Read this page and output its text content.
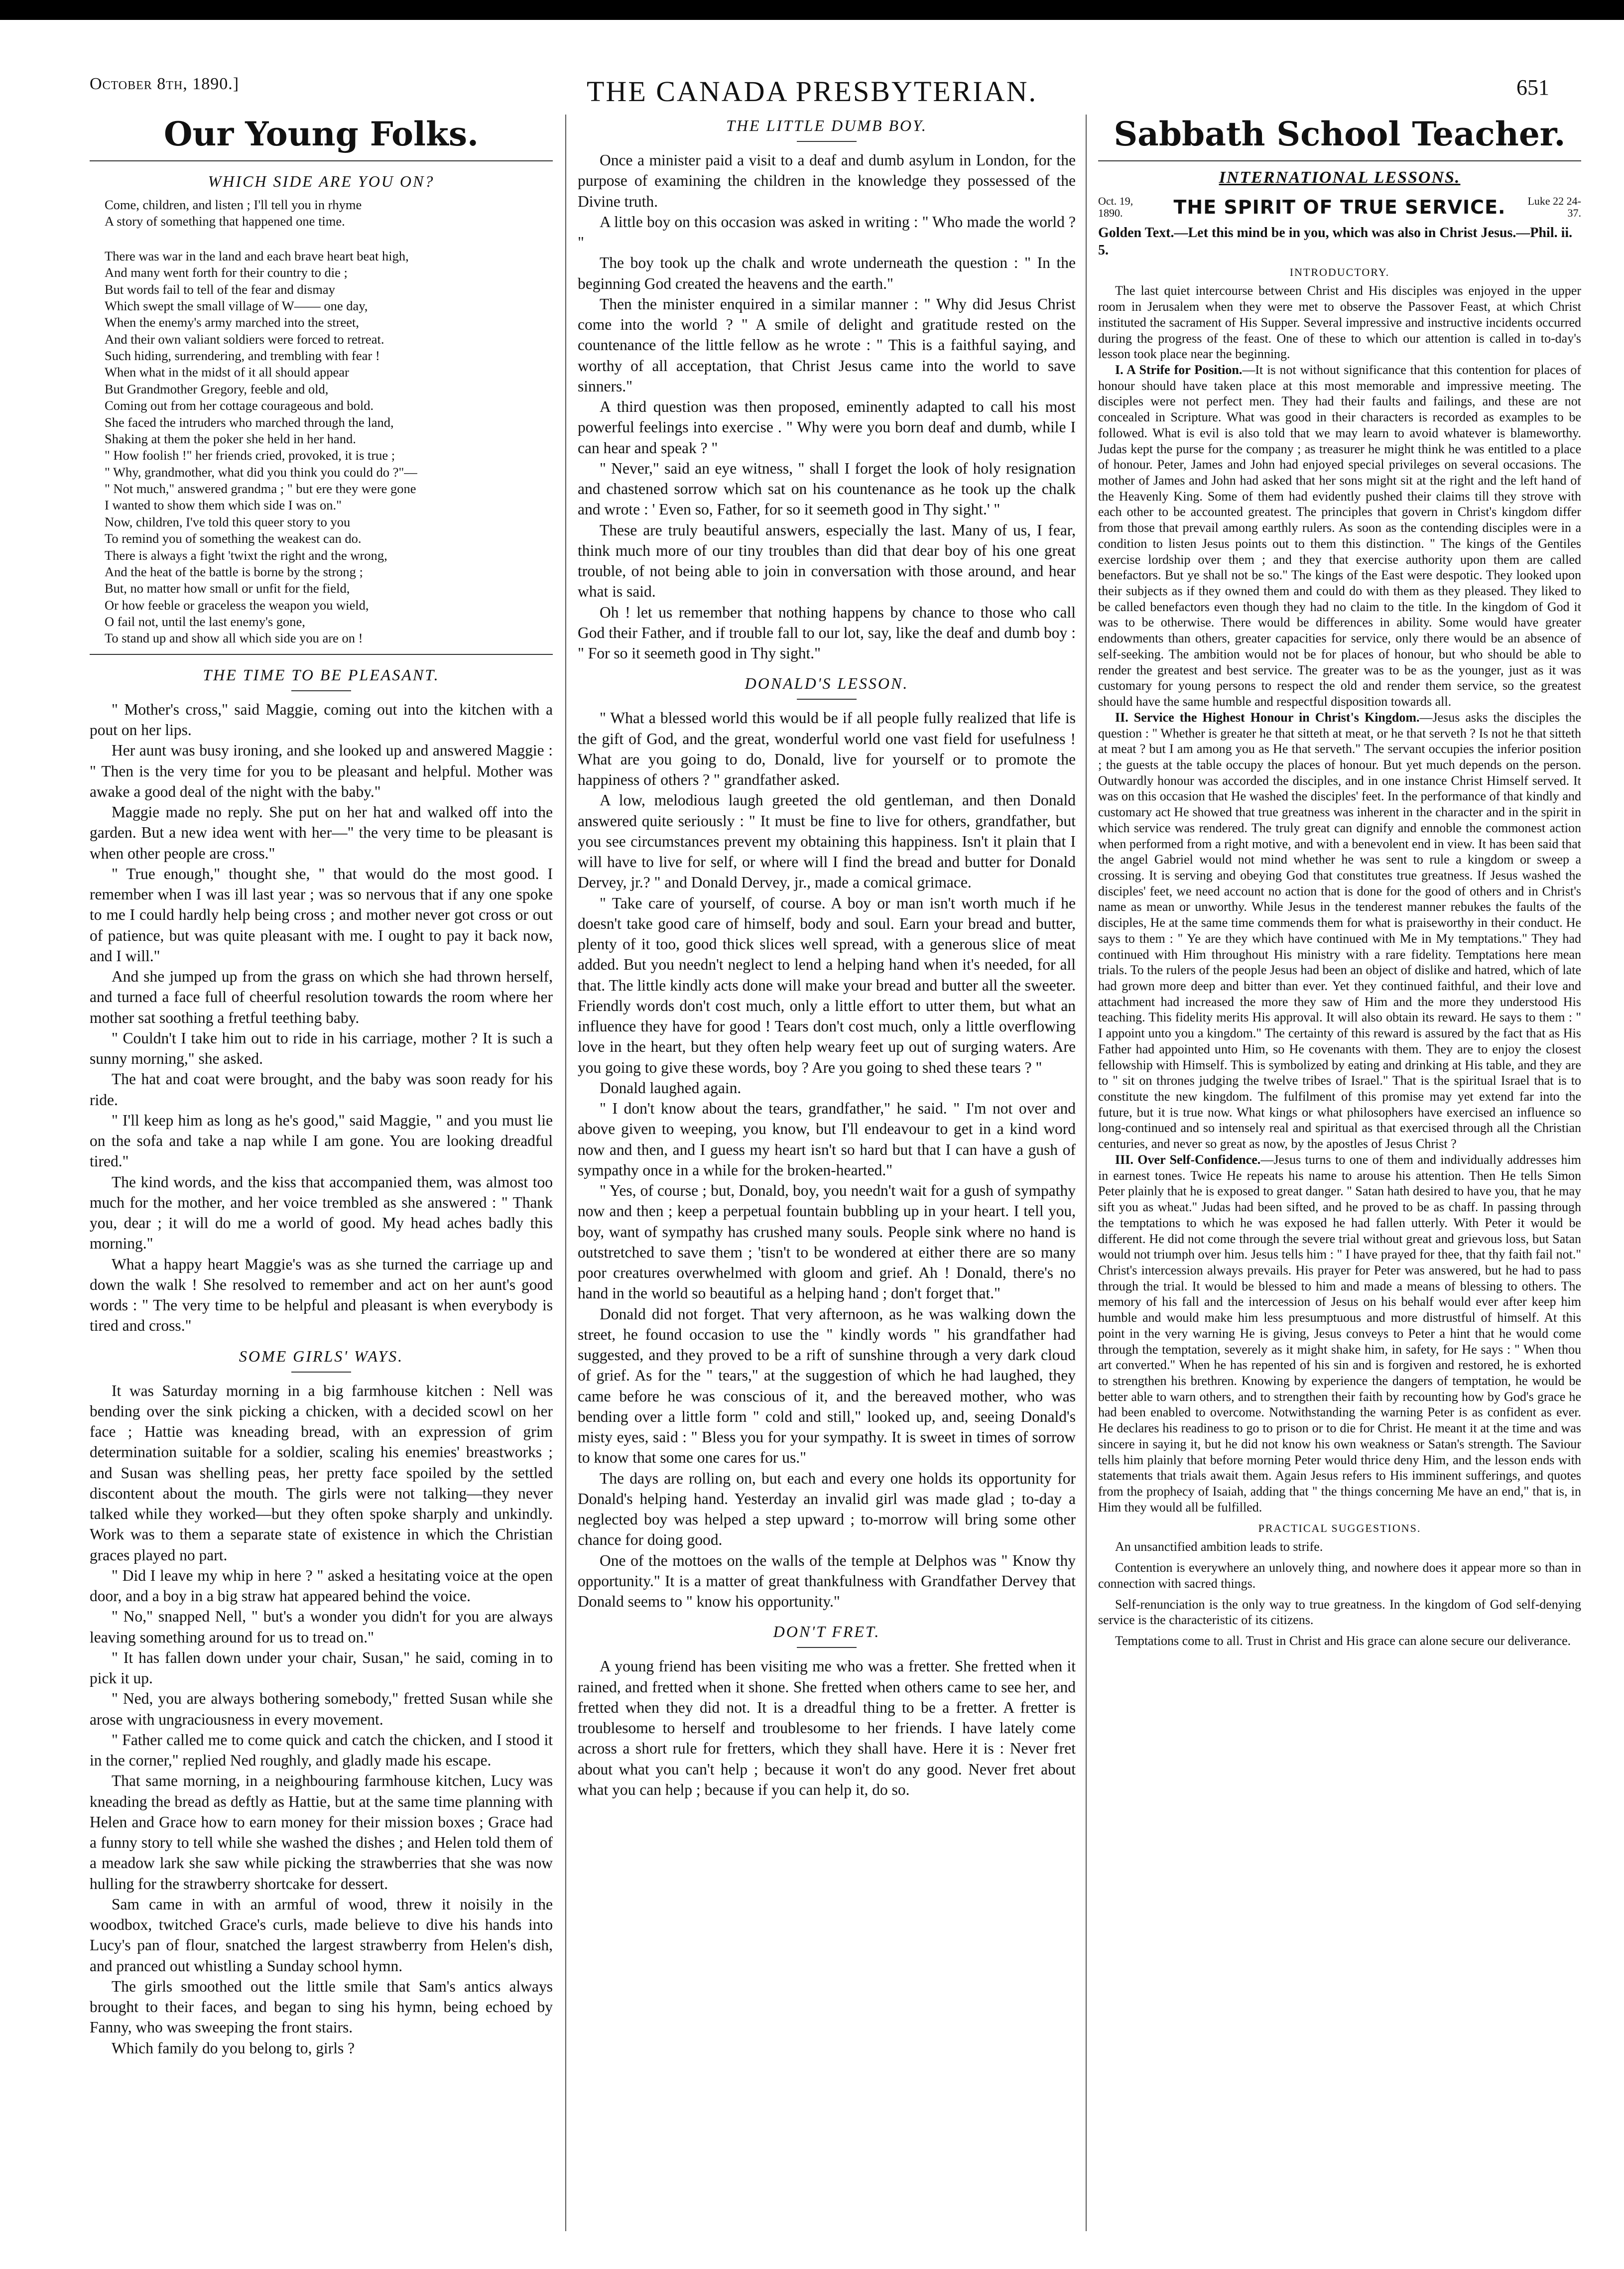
October 8th, 1890.]	THE CANADA PRESBYTERIAN.	651
Our Young Folks.
WHICH SIDE ARE YOU ON?
Come, children, and listen ; I'll tell you in rhyme
A story of something that happened one time.
There was war in the land and each brave heart beat high,
And many went forth for their country to die ;
But words fail to tell of the fear and dismay
Which swept the small village of W—— one day,
When the enemy's army marched into the street,
And their own valiant soldiers were forced to retreat.
Such hiding, surrendering, and trembling with fear !
When what in the midst of it all should appear
But Grandmother Gregory, feeble and old,
Coming out from her cottage courageous and bold.
She faced the intruders who marched through the land,
Shaking at them the poker she held in her hand.
" How foolish !" her friends cried, provoked, it is true ;
" Why, grandmother, what did you think you could do ?"—
" Not much," answered grandma ; " but ere they were gone
I wanted to show them which side I was on."
Now, children, I've told this queer story to you
To remind you of something the weakest can do.
There is always a fight 'twixt the right and the wrong,
And the heat of the battle is borne by the strong ;
But, no matter how small or unfit for the field,
Or how feeble or graceless the weapon you wield,
O fail not, until the last enemy's gone,
To stand up and show all which side you are on !
THE TIME TO BE PLEASANT.

" Mother's cross," said Maggie, coming out into the kitchen with a pout on her lips.

Her aunt was busy ironing, and she looked up and answered Maggie : " Then is the very time for you to be pleasant and helpful. Mother was awake a good deal of the night with the baby."

Maggie made no reply. She put on her hat and walked off into the garden. But a new idea went with her—" the very time to be pleasant is when other people are cross."

" True enough," thought she, " that would do the most good. I remember when I was ill last year ; was so nervous that if any one spoke to me I could hardly help being cross ; and mother never got cross or out of patience, but was quite pleasant with me. I ought to pay it back now, and I will."

And she jumped up from the grass on which she had thrown herself, and turned a face full of cheerful resolution towards the room where her mother sat soothing a fretful teething baby.

" Couldn't I take him out to ride in his carriage, mother ? It is such a sunny morning," she asked.

The hat and coat were brought, and the baby was soon ready for his ride.

" I'll keep him as long as he's good," said Maggie, " and you must lie on the sofa and take a nap while I am gone. You are looking dreadful tired."

The kind words, and the kiss that accompanied them, was almost too much for the mother, and her voice trembled as she answered : " Thank you, dear ; it will do me a world of good. My head aches badly this morning."

What a happy heart Maggie's was as she turned the carriage up and down the walk ! She resolved to remember and act on her aunt's good words : " The very time to be helpful and pleasant is when everybody is tired and cross."

SOME GIRLS' WAYS.

It was Saturday morning in a big farmhouse kitchen : Nell was bending over the sink picking a chicken, with a decided scowl on her face ; Hattie was kneading bread, with an expression of grim determination suitable for a soldier, scaling his enemies' breastworks ; and Susan was shelling peas, her pretty face spoiled by the settled discontent about the mouth. The girls were not talking—they never talked while they worked—but they often spoke sharply and unkindly. Work was to them a separate state of existence in which the Christian graces played no part.

" Did I leave my whip in here ? " asked a hesitating voice at the open door, and a boy in a big straw hat appeared behind the voice.

" No," snapped Nell, " but's a wonder you didn't for you are always leaving something around for us to tread on."

" It has fallen down under your chair, Susan," he said, coming in to pick it up.

" Ned, you are always bothering somebody," fretted Susan while she arose with ungraciousness in every movement.

" Father called me to come quick and catch the chicken, and I stood it in the corner," replied Ned roughly, and gladly made his escape.

That same morning, in a neighbouring farmhouse kitchen, Lucy was kneading the bread as deftly as Hattie, but at the same time planning with Helen and Grace how to earn money for their mission boxes ; Grace had a funny story to tell while she washed the dishes ; and Helen told them of a meadow lark she saw while picking the strawberries that she was now hulling for the strawberry shortcake for dessert.

Sam came in with an armful of wood, threw it noisily in the woodbox, twitched Grace's curls, made believe to dive his hands into Lucy's pan of flour, snatched the largest strawberry from Helen's dish, and pranced out whistling a Sunday school hymn.

The girls smoothed out the little smile that Sam's antics always brought to their faces, and began to sing his hymn, being echoed by Fanny, who was sweeping the front stairs.

Which family do you belong to, girls ?

THE LITTLE DUMB BOY.

Once a minister paid a visit to a deaf and dumb asylum in London, for the purpose of examining the children in the knowledge they possessed of the Divine truth.

A little boy on this occasion was asked in writing : " Who made the world ? "

The boy took up the chalk and wrote underneath the question : " In the beginning God created the heavens and the earth."

Then the minister enquired in a similar manner : " Why did Jesus Christ come into the world ? " A smile of delight and gratitude rested on the countenance of the little fellow as he wrote : " This is a faithful saying, and worthy of all acceptation, that Christ Jesus came into the world to save sinners."

A third question was then proposed, eminently adapted to call his most powerful feelings into exercise . " Why were you born deaf and dumb, while I can hear and speak ? "

" Never," said an eye witness, " shall I forget the look of holy resignation and chastened sorrow which sat on his countenance as he took up the chalk and wrote : ' Even so, Father, for so it seemeth good in Thy sight.' "

These are truly beautiful answers, especially the last. Many of us, I fear, think much more of our tiny troubles than did that dear boy of his one great trouble, of not being able to join in conversation with those around, and hear what is said.

Oh ! let us remember that nothing happens by chance to those who call God their Father, and if trouble fall to our lot, say, like the deaf and dumb boy : " For so it seemeth good in Thy sight."

DONALD'S LESSON.

" What a blessed world this would be if all people fully realized that life is the gift of God, and the great, wonderful world one vast field for usefulness ! What are you going to do, Donald, live for yourself or to promote the happiness of others ? " grandfather asked.

A low, melodious laugh greeted the old gentleman, and then Donald answered quite seriously : " It must be fine to live for others, grandfather, but you see circumstances prevent my obtaining this happiness. Isn't it plain that I will have to live for self, or where will I find the bread and butter for Donald Dervey, jr.? " and Donald Dervey, jr., made a comical grimace.

" Take care of yourself, of course. A boy or man isn't worth much if he doesn't take good care of himself, body and soul. Earn your bread and butter, plenty of it too, good thick slices well spread, with a generous slice of meat added. But you needn't neglect to lend a helping hand when it's needed, for all that. The little kindly acts done will make your bread and butter all the sweeter. Friendly words don't cost much, only a little effort to utter them, but what an influence they have for good ! Tears don't cost much, only a little overflowing love in the heart, but they often help weary feet up out of surging waters. Are you going to give these words, boy ? Are you going to shed these tears ? "

Donald laughed again.

" I don't know about the tears, grandfather," he said. " I'm not over and above given to weeping, you know, but I'll endeavour to get in a kind word now and then, and I guess my heart isn't so hard but that I can have a gush of sympathy once in a while for the broken-hearted."

" Yes, of course ; but, Donald, boy, you needn't wait for a gush of sympathy now and then ; keep a perpetual fountain bubbling up in your heart. I tell you, boy, want of sympathy has crushed many souls. People sink where no hand is outstretched to save them ; 'tisn't to be wondered at either there are so many poor creatures overwhelmed with gloom and grief. Ah ! Donald, there's no hand in the world so beautiful as a helping hand ; don't forget that."

Donald did not forget. That very afternoon, as he was walking down the street, he found occasion to use the " kindly words " his grandfather had suggested, and they proved to be a rift of sunshine through a very dark cloud of grief. As for the " tears," at the suggestion of which he had laughed, they came before he was conscious of it, and the bereaved mother, who was bending over a little form " cold and still," looked up, and, seeing Donald's misty eyes, said : " Bless you for your sympathy. It is sweet in times of sorrow to know that some one cares for us."

The days are rolling on, but each and every one holds its opportunity for Donald's helping hand. Yesterday an invalid girl was made glad ; to-day a neglected boy was helped a step upward ; to-morrow will bring some other chance for doing good.

One of the mottoes on the walls of the temple at Delphos was " Know thy opportunity." It is a matter of great thankfulness with Grandfather Dervey that Donald seems to " know his opportunity."

DON'T FRET.

A young friend has been visiting me who was a fretter. She fretted when it rained, and fretted when it shone. She fretted when others came to see her, and fretted when they did not. It is a dreadful thing to be a fretter. A fretter is troublesome to herself and troublesome to her friends. I have lately come across a short rule for fretters, which they shall have. Here it is : Never fret about what you can't help ; because it won't do any good. Never fret about what you can help ; because if you can help it, do so.

Sabbath School Teacher.
INTERNATIONAL LESSONS.
Oct. 19, 1890.	THE SPIRIT OF TRUE SERVICE.	Luke 22 24-37.
Golden Text.—Let this mind be in you, which was also in Christ Jesus.—Phil. ii. 5.
INTRODUCTORY.

The last quiet intercourse between Christ and His disciples was enjoyed in the upper room in Jerusalem when they were met to observe the Passover Feast, at which Christ instituted the sacrament of His Supper. Several impressive and instructive incidents occurred during the progress of the feast. One of these to which our attention is called in to-day's lesson took place near the beginning.

I. A Strife for Position.—It is not without significance that this contention for places of honour should have taken place at this most memorable and impressive meeting. The disciples were not perfect men. They had their faults and failings, and these are not concealed in Scripture. What was good in their characters is recorded as examples to be followed. What is evil is also told that we may learn to avoid whatever is blameworthy. Judas kept the purse for the company ; as treasurer he might think he was entitled to a place of honour. Peter, James and John had enjoyed special privileges on several occasions. The mother of James and John had asked that her sons might sit at the right and the left hand of the Heavenly King. Some of them had evidently pushed their claims till they strove with each other to be accounted greatest. The principles that govern in Christ's kingdom differ from those that prevail among earthly rulers. As soon as the contending disciples were in a condition to listen Jesus points out to them this distinction. " The kings of the Gentiles exercise lordship over them ; and they that exercise authority upon them are called benefactors. But ye shall not be so." The kings of the East were despotic. They looked upon their subjects as if they owned them and could do with them as they pleased. They liked to be called benefactors even though they had no claim to the title. In the kingdom of God it was to be otherwise. There would be differences in ability. Some would have greater endowments than others, greater capacities for service, only there would be an absence of self-seeking. The ambition would not be for places of honour, but who should be able to render the greatest and best service. The greater was to be as the younger, just as it was customary for young persons to respect the old and render them service, so the greatest should have the same humble and respectful disposition towards all.

II. Service the Highest Honour in Christ's Kingdom.—Jesus asks the disciples the question : " Whether is greater he that sitteth at meat, or he that serveth ? Is not he that sitteth at meat ? but I am among you as He that serveth." The servant occupies the inferior position ; the guests at the table occupy the places of honour. But yet much depends on the person. Outwardly honour was accorded the disciples, and in one instance Christ Himself served. It was on this occasion that He washed the disciples' feet. In the performance of that kindly and customary act He showed that true greatness was inherent in the character and in the spirit in which service was rendered. The truly great can dignify and ennoble the commonest action when performed from a right motive, and with a benevolent end in view. It has been said that the angel Gabriel would not mind whether he was sent to rule a kingdom or sweep a crossing. It is serving and obeying God that constitutes true greatness. If Jesus washed the disciples' feet, we need account no action that is done for the good of others and in Christ's name as mean or unworthy. While Jesus in the tenderest manner rebukes the faults of the disciples, He at the same time commends them for what is praiseworthy in their conduct. He says to them : " Ye are they which have continued with Me in My temptations." They had continued with Him throughout His ministry with a rare fidelity. Temptations here mean trials. To the rulers of the people Jesus had been an object of dislike and hatred, which of late had grown more deep and bitter than ever. Yet they continued faithful, and their love and attachment had increased the more they saw of Him and the more they understood His teaching. This fidelity merits His approval. It will also obtain its reward. He says to them : " I appoint unto you a kingdom." The certainty of this reward is assured by the fact that as His Father had appointed unto Him, so He covenants with them. They are to enjoy the closest fellowship with Himself. This is symbolized by eating and drinking at His table, and they are to " sit on thrones judging the twelve tribes of Israel." That is the spiritual Israel that is to constitute the new kingdom. The fulfilment of this promise may yet extend far into the future, but it is true now. What kings or what philosophers have exercised an influence so long-continued and so intensely real and spiritual as that exercised through all the Christian centuries, and never so great as now, by the apostles of Jesus Christ ?

III. Over Self-Confidence.—Jesus turns to one of them and individually addresses him in earnest tones. Twice He repeats his name to arouse his attention. Then He tells Simon Peter plainly that he is exposed to great danger. " Satan hath desired to have you, that he may sift you as wheat." Judas had been sifted, and he proved to be as chaff. In passing through the temptations to which he was exposed he had fallen utterly. With Peter it would be different. He did not come through the severe trial without great and grievous loss, but Satan would not triumph over him. Jesus tells him : " I have prayed for thee, that thy faith fail not." Christ's intercession always prevails. His prayer for Peter was answered, but he had to pass through the trial. It would be blessed to him and made a means of blessing to others. The memory of his fall and the intercession of Jesus on his behalf would ever after keep him humble and would make him less presumptuous and more distrustful of himself. At this point in the very warning He is giving, Jesus conveys to Peter a hint that he would come through the temptation, severely as it might shake him, in safety, for He says : " When thou art converted." When he has repented of his sin and is forgiven and restored, he is exhorted to strengthen his brethren. Knowing by experience the dangers of temptation, he would be better able to warn others, and to strengthen their faith by recounting how by God's grace he had been enabled to overcome. Notwithstanding the warning Peter is as confident as ever. He declares his readiness to go to prison or to die for Christ. He meant it at the time and was sincere in saying it, but he did not know his own weakness or Satan's strength. The Saviour tells him plainly that before morning Peter would thrice deny Him, and the lesson ends with statements that trials await them. Again Jesus refers to His imminent sufferings, and quotes from the prophecy of Isaiah, adding that " the things concerning Me have an end," that is, in Him they would all be fulfilled.

PRACTICAL SUGGESTIONS.

An unsanctified ambition leads to strife.

Contention is everywhere an unlovely thing, and nowhere does it appear more so than in connection with sacred things.

Self-renunciation is the only way to true greatness. In the kingdom of God self-denying service is the characteristic of its citizens.

Temptations come to all. Trust in Christ and His grace can alone secure our deliverance.
